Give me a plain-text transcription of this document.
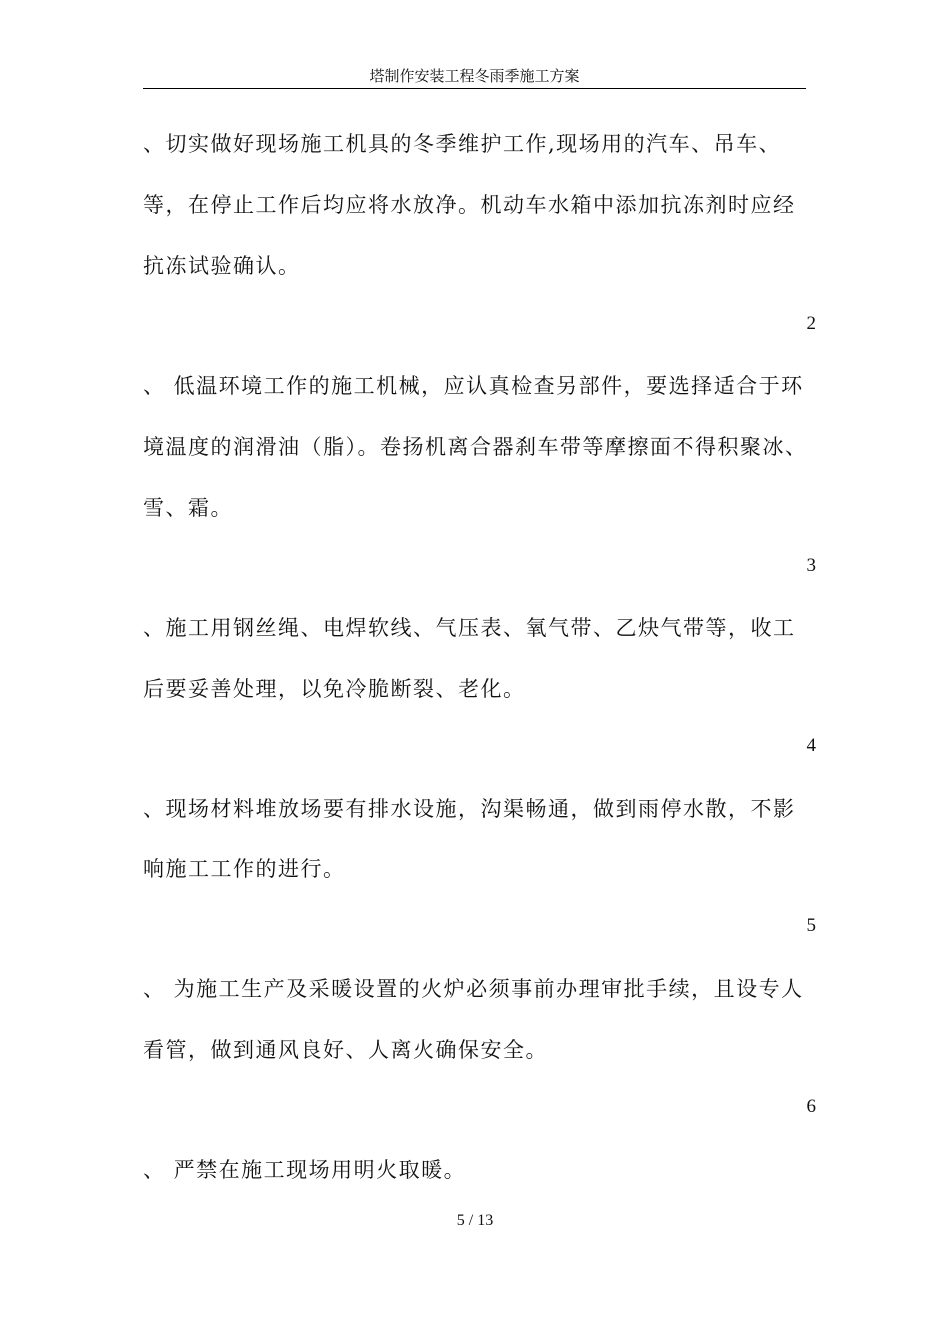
塔制作安装工程冬雨季施工方案
、切实做好现场施工机具的冬季维护工作,现场用的汽车、吊车、
等，在停止工作后均应将水放净。机动车水箱中添加抗冻剂时应经
抗冻试验确认。
2
、 低温环境工作的施工机械，应认真检查另部件，要选择适合于环
境温度的润滑油（脂）。卷扬机离合器刹车带等摩擦面不得积聚冰、
雪、霜。
3
、施工用钢丝绳、电焊软线、气压表、氧气带、乙炔气带等，收工
后要妥善处理，以免冷脆断裂、老化。
4
、现场材料堆放场要有排水设施，沟渠畅通，做到雨停水散，不影
响施工工作的进行。
5
、 为施工生产及采暖设置的火炉必须事前办理审批手续，且设专人
看管，做到通风良好、人离火确保安全。
6
、 严禁在施工现场用明火取暖。
5 / 13
